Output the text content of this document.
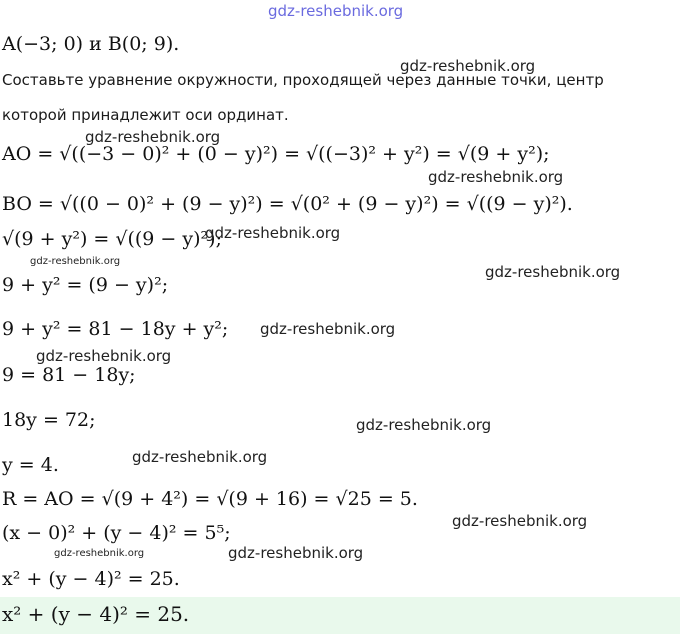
gdz-reshebnik.org
A(−3; 0) и B(0; 9).
Составьте уравнение окружности, проходящей через данные точки, центр
которой принадлежит оси ординат.
AO = √((−3 − 0)² + (0 − y)²) = √((−3)² + y²) = √(9 + y²);
BO = √((0 − 0)² + (9 − y)²) = √(0² + (9 − y)²) = √((9 − y)²).
√(9 + y²) = √((9 − y)²);
9 + y² = (9 − y)²;
9 + y² = 81 − 18y + y²;
9 = 81 − 18y;
18y = 72;
y = 4.
R = AO = √(9 + 4²) = √(9 + 16) = √25 = 5.
(x − 0)² + (y − 4)² = 5⁵;
x² + (y − 4)² = 25.
x² + (y − 4)² = 25.
gdz-reshebnik.org
gdz-reshebnik.org
gdz-reshebnik.org
gdz-reshebnik.org
gdz-reshebnik.org
gdz-reshebnik.org
gdz-reshebnik.org
gdz-reshebnik.org
gdz-reshebnik.org
gdz-reshebnik.org
gdz-reshebnik.org
gdz-reshebnik.org	gdz-reshebnik.org
